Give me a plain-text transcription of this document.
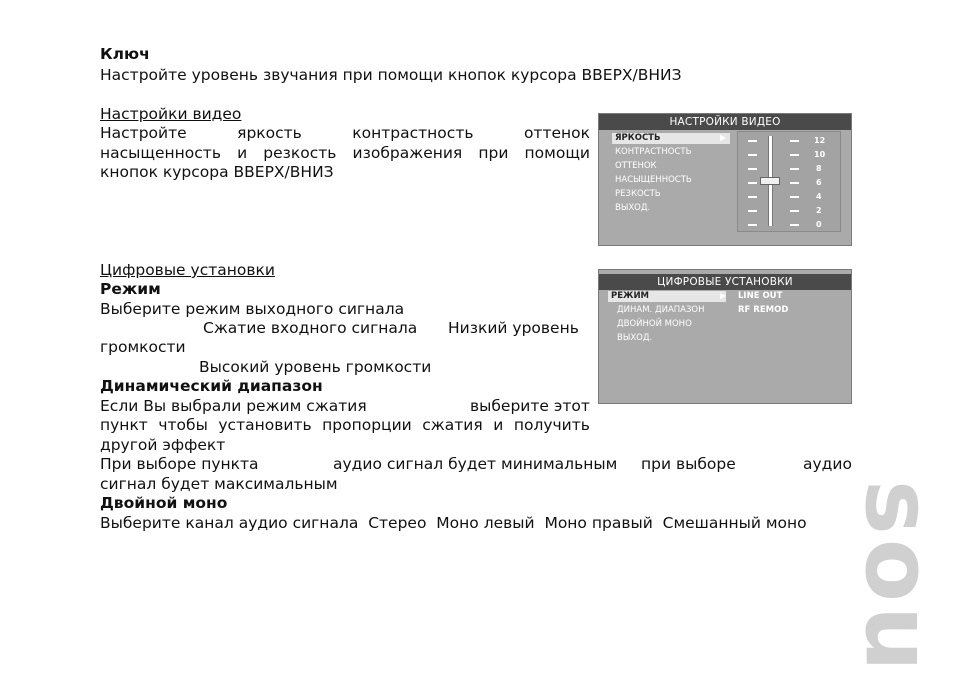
Ключ
Настройте уровень звучания при помощи кнопок курсора ВВЕРХ/ВНИЗ
Настройки видео
Настройте	яркость	контрастность	оттенок
насыщенность и резкость изображения при помощи
кнопок курсора ВВЕРХ/ВНИЗ
НАСТРОЙКИ ВИДЕО
ЯРКОСТЬ	▶
КОНТРАСТНОСТЬ
ОТТЕНОК
НАСЫЩЕННОСТЬ
РЕЗКОСТЬ
ВЫХОД.
12
10
8
6
4
2
0
Цифровые установки
Режим
Выберите режим выходного сигнала
Сжатие входного сигнала Низкий уровень
громкости
Высокий уровень громкости
Динамический диапазон
Если Вы выбрали режим сжатия	выберите этот
пункт чтобы установить пропорции сжатия и получить
другой эффект
При выборе пункта	аудио сигнал будет минимальным при выборе	аудио
сигнал будет максимальным
Двойной моно
Выберите канал аудио сигнала  Стерео  Моно левый  Моно правый  Смешанный моно
ЦИФРОВЫЕ УСТАНОВКИ
РЕЖИМ	▶ LINE OUT
ДИНАМ. ДИАПАЗОН	RF REMOD
ДВОЙНОЙ МОНО
ВЫХОД.
sou
